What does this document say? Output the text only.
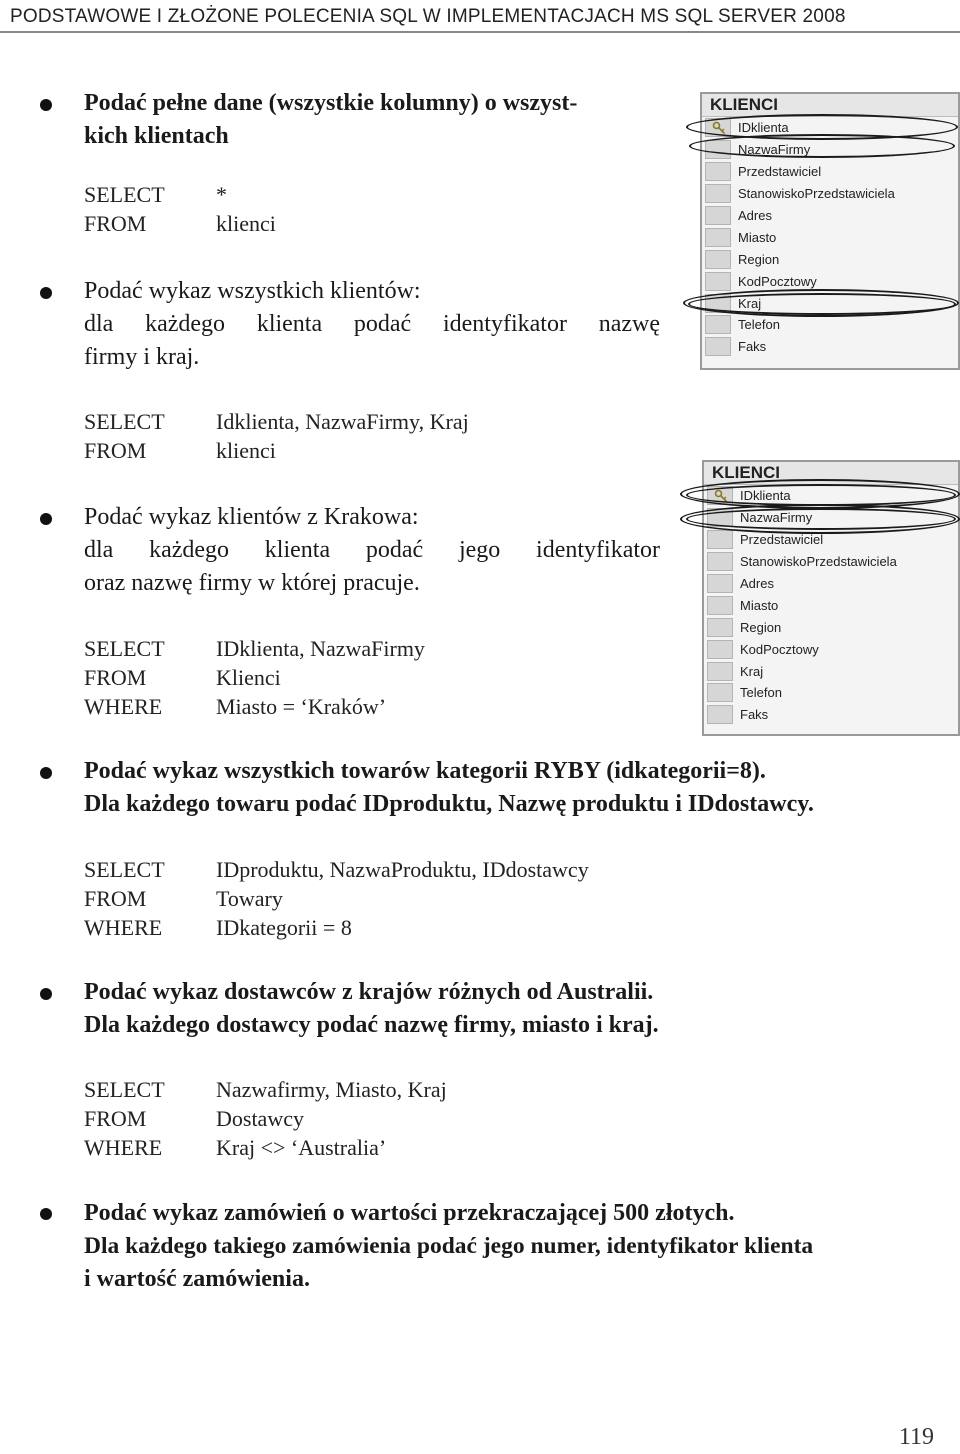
PODSTAWOWE I ZŁOŻONE POLECENIA SQL W IMPLEMENTACJACH MS SQL SERVER 2008
Podać pełne dane (wszystkie kolumny) o wszyst-
kich klientach
SELECT	*
FROM	klienci
Podać wykaz wszystkich klientów:
dla każdego klienta podać identyfikator nazwę
firmy i kraj.
SELECT	Idklienta, NazwaFirmy, Kraj
FROM	klienci
Podać wykaz klientów z Krakowa:
dla każdego klienta podać jego identyfikator
oraz nazwę firmy w której pracuje.
SELECT	IDklienta, NazwaFirmy
FROM	Klienci
WHERE	Miasto = ‘Kraków’
Podać wykaz wszystkich towarów kategorii RYBY (idkategorii=8).
Dla każdego towaru podać IDproduktu, Nazwę produktu i IDdostawcy.
SELECT	IDproduktu, NazwaProduktu, IDdostawcy
FROM	Towary
WHERE	IDkategorii = 8
Podać wykaz dostawców z krajów różnych od Australii.
Dla każdego dostawcy podać nazwę firmy, miasto i kraj.
SELECT	Nazwafirmy, Miasto, Kraj
FROM	Dostawcy
WHERE	Kraj <> ‘Australia’
Podać wykaz zamówień o wartości przekraczającej 500 złotych.
Dla każdego takiego zamówienia podać jego numer, identyfikator klienta
i wartość zamówienia.
KLIENCI
IDklienta
NazwaFirmy
Przedstawiciel
StanowiskoPrzedstawiciela
Adres
Miasto
Region
KodPocztowy
Kraj
Telefon
Faks
KLIENCI
IDklienta
NazwaFirmy
Przedstawiciel
StanowiskoPrzedstawiciela
Adres
Miasto
Region
KodPocztowy
Kraj
Telefon
Faks
119
